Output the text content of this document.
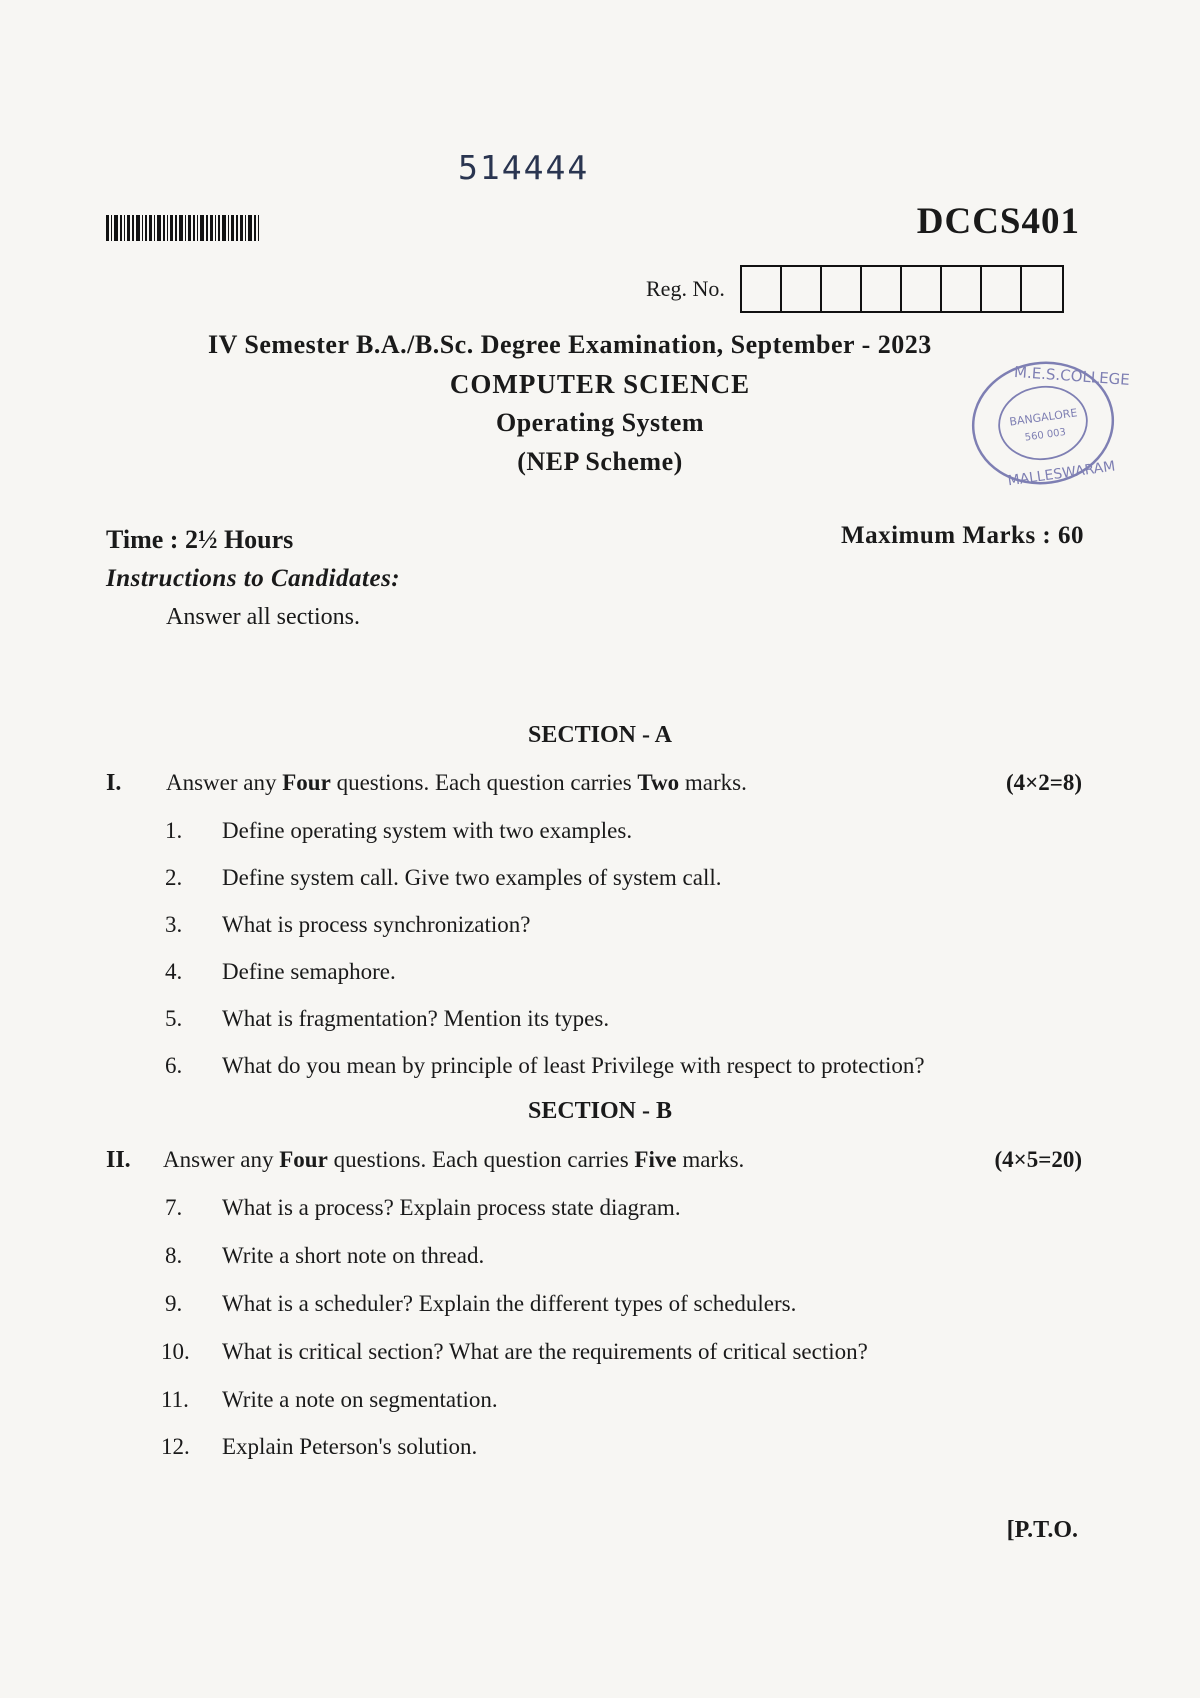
514444
DCCS401
Reg. No.
IV Semester B.A./B.Sc. Degree Examination, September - 2023
COMPUTER SCIENCE
Operating System
(NEP Scheme)
M.E.S.COLLEGE
MALLESWARAM
BANGALORE
560 003
Time : 2½ Hours	Maximum Marks : 60
Instructions to Candidates:
Answer all sections.
SECTION - A
I. Answer any Four questions. Each question carries Two marks.	(4×2=8)
1. Define operating system with two examples.
2. Define system call. Give two examples of system call.
3. What is process synchronization?
4. Define semaphore.
5. What is fragmentation? Mention its types.
6. What do you mean by principle of least Privilege with respect to protection?
SECTION - B
II. Answer any Four questions. Each question carries Five marks.	(4×5=20)
7. What is a process? Explain process state diagram.
8. Write a short note on thread.
9. What is a scheduler? Explain the different types of schedulers.
10. What is critical section? What are the requirements of critical section?
11. Write a note on segmentation.
12. Explain Peterson's solution.
[P.T.O.
